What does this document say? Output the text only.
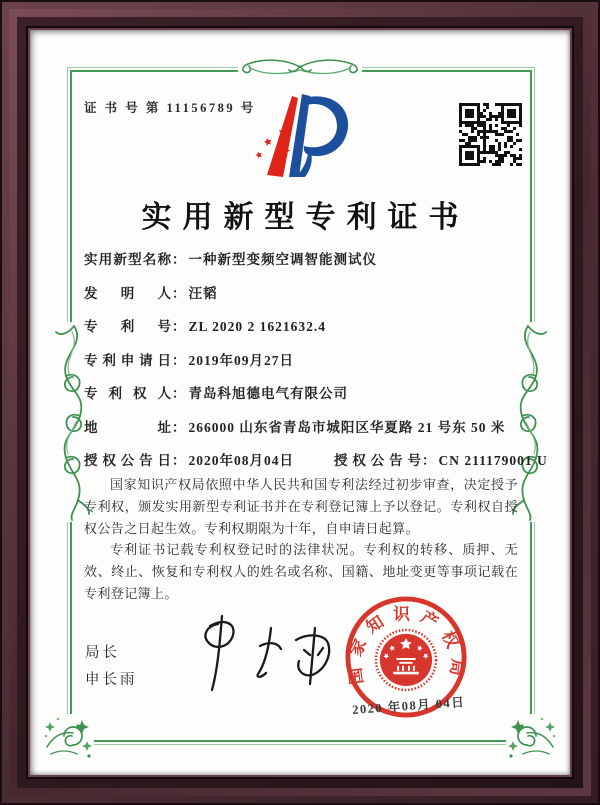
证 书 号 第 11156789 号
实用新型专利证书
实用新型名称： 一种新型变频空调智能测试仪
发明人： 汪韬
专利号： ZL 2020 2 1621632.4
专利申请日： 2019年09月27日
专利权人： 青岛科旭德电气有限公司
地址： 266000 山东省青岛市城阳区华夏路 21 号东 50 米
授权公告日： 2020年08月04日	授权公告号： CN 211179001 U

国家知识产权局依照中华人民共和国专利法经过初步审查，决定授予专利权，颁发实用新型专利证书并在专利登记簿上予以登记。专利权自授权公告之日起生效。专利权期限为十年，自申请日起算。

专利证书记载专利权登记时的法律状况。专利权的转移、质押、无效、终止、恢复和专利权人的姓名或名称、国籍、地址变更等事项记载在专利登记簿上。

局长
申长雨	国家知识产权局
2020 年08月 04日
